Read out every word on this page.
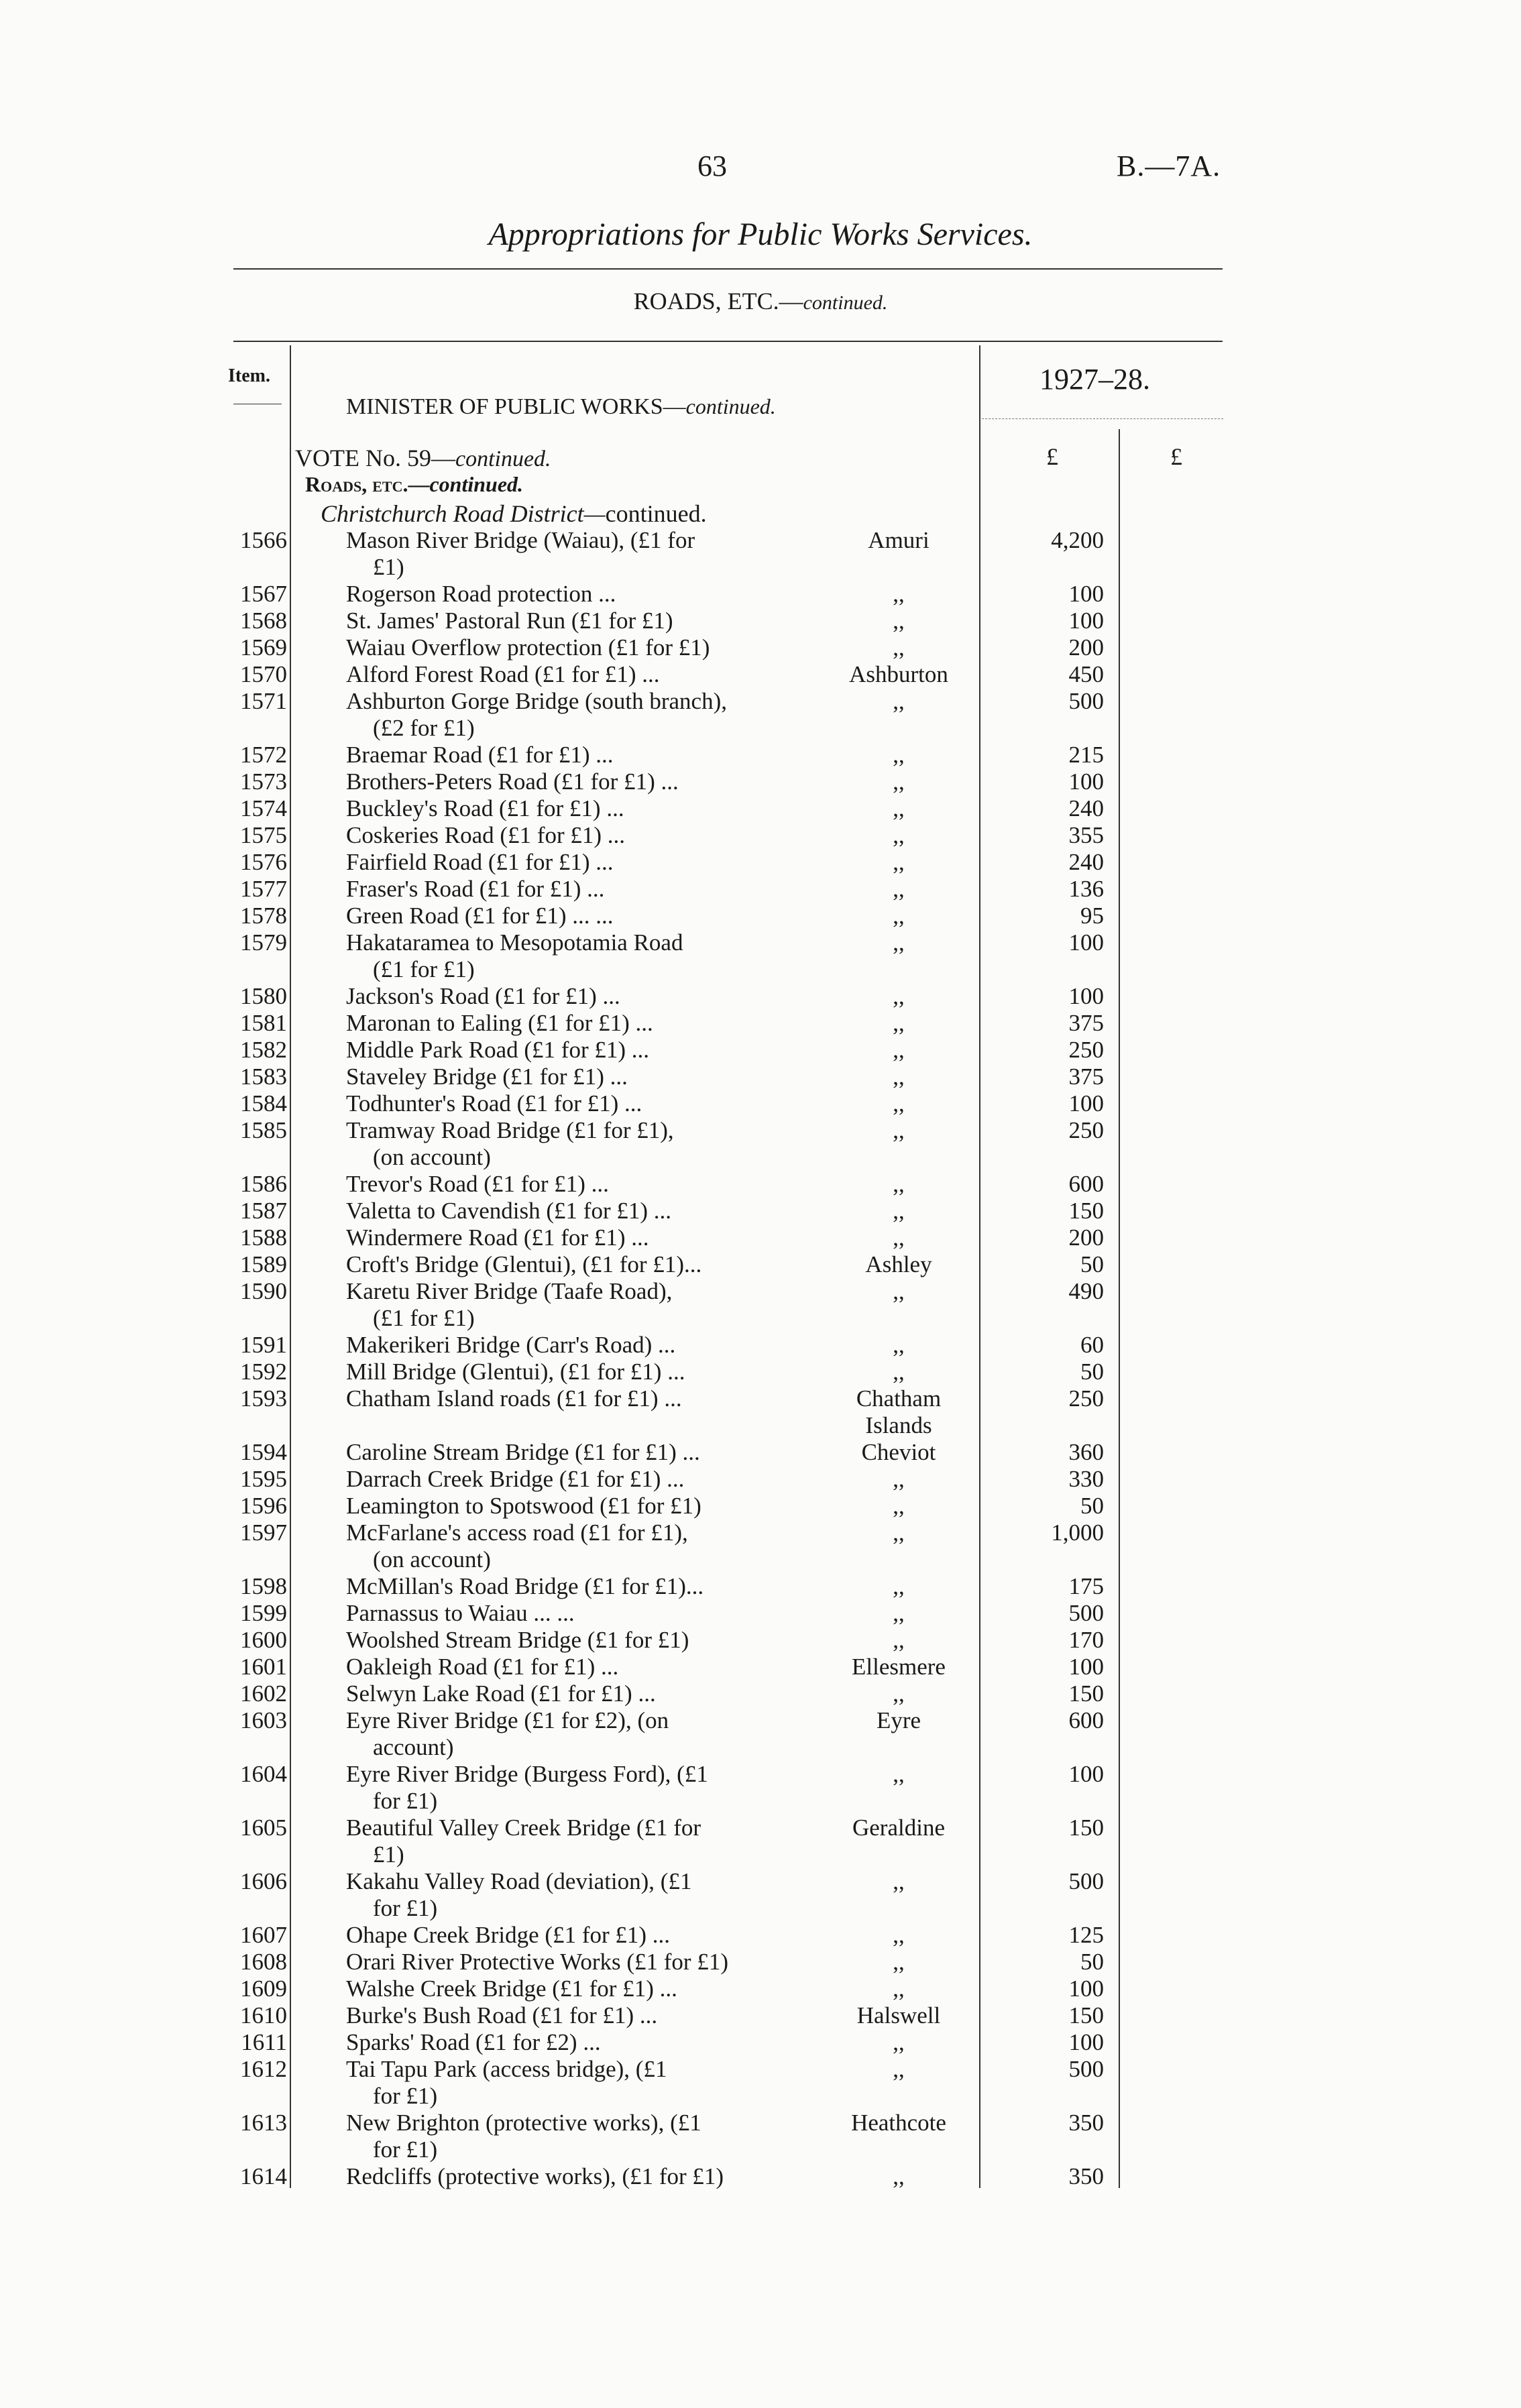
63	B.—7A.
Appropriations for Public Works Services.
ROADS, ETC.—continued.
Item.	1927–28.
MINISTER OF PUBLIC WORKS—continued.
£	£
VOTE No. 59—continued.
Roads, etc.—continued.
Christchurch Road District—continued.
1566	Mason River Bridge (Waiau), (£1 for	Amuri	4,200
£1)
1567	Rogerson Road protection ...	,,	100
1568	St. James' Pastoral Run (£1 for £1)	,,	100
1569	Waiau Overflow protection (£1 for £1)	,,	200
1570	Alford Forest Road (£1 for £1) ...	Ashburton	450
1571	Ashburton Gorge Bridge (south branch),	,,	500
(£2 for £1)
1572	Braemar Road (£1 for £1) ...	,,	215
1573	Brothers-Peters Road (£1 for £1) ...	,,	100
1574	Buckley's Road (£1 for £1) ...	,,	240
1575	Coskeries Road (£1 for £1) ...	,,	355
1576	Fairfield Road (£1 for £1) ...	,,	240
1577	Fraser's Road (£1 for £1) ...	,,	136
1578	Green Road (£1 for £1) ... ...	,,	95
1579	Hakataramea to Mesopotamia Road	,,	100
(£1 for £1)
1580	Jackson's Road (£1 for £1) ...	,,	100
1581	Maronan to Ealing (£1 for £1) ...	,,	375
1582	Middle Park Road (£1 for £1) ...	,,	250
1583	Staveley Bridge (£1 for £1) ...	,,	375
1584	Todhunter's Road (£1 for £1) ...	,,	100
1585	Tramway Road Bridge (£1 for £1),	,,	250
(on account)
1586	Trevor's Road (£1 for £1) ...	,,	600
1587	Valetta to Cavendish (£1 for £1) ...	,,	150
1588	Windermere Road (£1 for £1) ...	,,	200
1589	Croft's Bridge (Glentui), (£1 for £1)...	Ashley	50
1590	Karetu River Bridge (Taafe Road),	,,	490
(£1 for £1)
1591	Makerikeri Bridge (Carr's Road) ...	,,	60
1592	Mill Bridge (Glentui), (£1 for £1) ...	,,	50
1593	Chatham Island roads (£1 for £1) ...	Chatham	250
Islands
1594	Caroline Stream Bridge (£1 for £1) ...	Cheviot	360
1595	Darrach Creek Bridge (£1 for £1) ...	,,	330
1596	Leamington to Spotswood (£1 for £1)	,,	50
1597	McFarlane's access road (£1 for £1),	,,	1,000
(on account)
1598	McMillan's Road Bridge (£1 for £1)...	,,	175
1599	Parnassus to Waiau ... ...	,,	500
1600	Woolshed Stream Bridge (£1 for £1)	,,	170
1601	Oakleigh Road (£1 for £1) ...	Ellesmere	100
1602	Selwyn Lake Road (£1 for £1) ...	,,	150
1603	Eyre River Bridge (£1 for £2), (on	Eyre	600
account)
1604	Eyre River Bridge (Burgess Ford), (£1	,,	100
for £1)
1605	Beautiful Valley Creek Bridge (£1 for	Geraldine	150
£1)
1606	Kakahu Valley Road (deviation), (£1	,,	500
for £1)
1607	Ohape Creek Bridge (£1 for £1) ...	,,	125
1608	Orari River Protective Works (£1 for £1)	,,	50
1609	Walshe Creek Bridge (£1 for £1) ...	,,	100
1610	Burke's Bush Road (£1 for £1) ...	Halswell	150
1611	Sparks' Road (£1 for £2) ...	,,	100
1612	Tai Tapu Park (access bridge), (£1	,,	500
for £1)
1613	New Brighton (protective works), (£1	Heathcote	350
for £1)
1614	Redcliffs (protective works), (£1 for £1)	,,	350
